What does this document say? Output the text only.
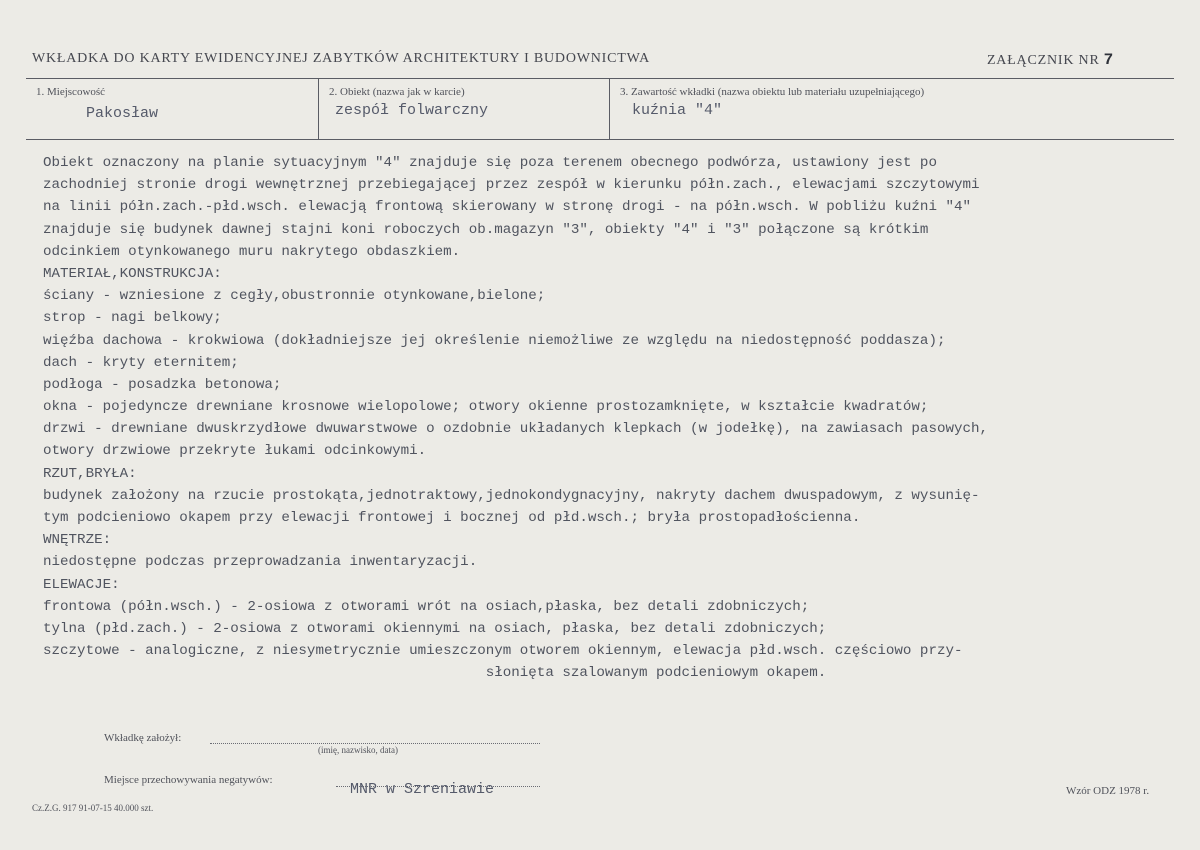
WKŁADKA DO KARTY EWIDENCYJNEJ ZABYTKÓW ARCHITEKTURY I BUDOWNICTWA	ZAŁĄCZNIK NR 7
1. Miejscowość
Pakosław
2. Obiekt (nazwa jak w karcie)
zespół folwarczny
3. Zawartość wkładki (nazwa obiektu lub materiału uzupełniającego)
kuźnia "4"
Obiekt oznaczony na planie sytuacyjnym "4" znajduje się poza terenem obecnego podwórza, ustawiony jest po
zachodniej stronie drogi wewnętrznej przebiegającej przez zespół w kierunku półn.zach., elewacjami szczytowymi
na linii półn.zach.-płd.wsch. elewacją frontową skierowany w stronę drogi - na półn.wsch. W pobliżu kuźni "4"
znajduje się budynek dawnej stajni koni roboczych ob.magazyn "3", obiekty "4" i "3" połączone są krótkim
odcinkiem otynkowanego muru nakrytego obdaszkiem.
MATERIAŁ,KONSTRUKCJA:
ściany - wzniesione z cegły,obustronnie otynkowane,bielone;
strop - nagi belkowy;
więźba dachowa - krokwiowa (dokładniejsze jej określenie niemożliwe ze względu na niedostępność poddasza);
dach - kryty eternitem;
podłoga - posadzka betonowa;
okna - pojedyncze drewniane krosnowe wielopolowe; otwory okienne prostozamknięte, w kształcie kwadratów;
drzwi - drewniane dwuskrzydłowe dwuwarstwowe o ozdobnie układanych klepkach (w jodełkę), na zawiasach pasowych,
otwory drzwiowe przekryte łukami odcinkowymi.
RZUT,BRYŁA:
budynek założony na rzucie prostokąta,jednotraktowy,jednokondygnacyjny, nakryty dachem dwuspadowym, z wysunię-
tym podcieniowo okapem przy elewacji frontowej i bocznej od płd.wsch.; bryła prostopadłościenna.
WNĘTRZE:
niedostępne podczas przeprowadzania inwentaryzacji.
ELEWACJE:
frontowa (półn.wsch.) - 2-osiowa z otworami wrót na osiach,płaska, bez detali zdobniczych;
tylna (płd.zach.) - 2-osiowa z otworami okiennymi na osiach, płaska, bez detali zdobniczych;
szczytowe - analogiczne, z niesymetrycznie umieszczonym otworem okiennym, elewacja płd.wsch. częściowo przy-
słonięta szalowanym podcieniowym okapem.
Wkładkę założył:
(imię, nazwisko, data)
Miejsce przechowywania negatywów:
MNR w Szreniawie
Cz.Z.G. 917 91-07-15 40.000 szt.
Wzór ODZ 1978 r.
